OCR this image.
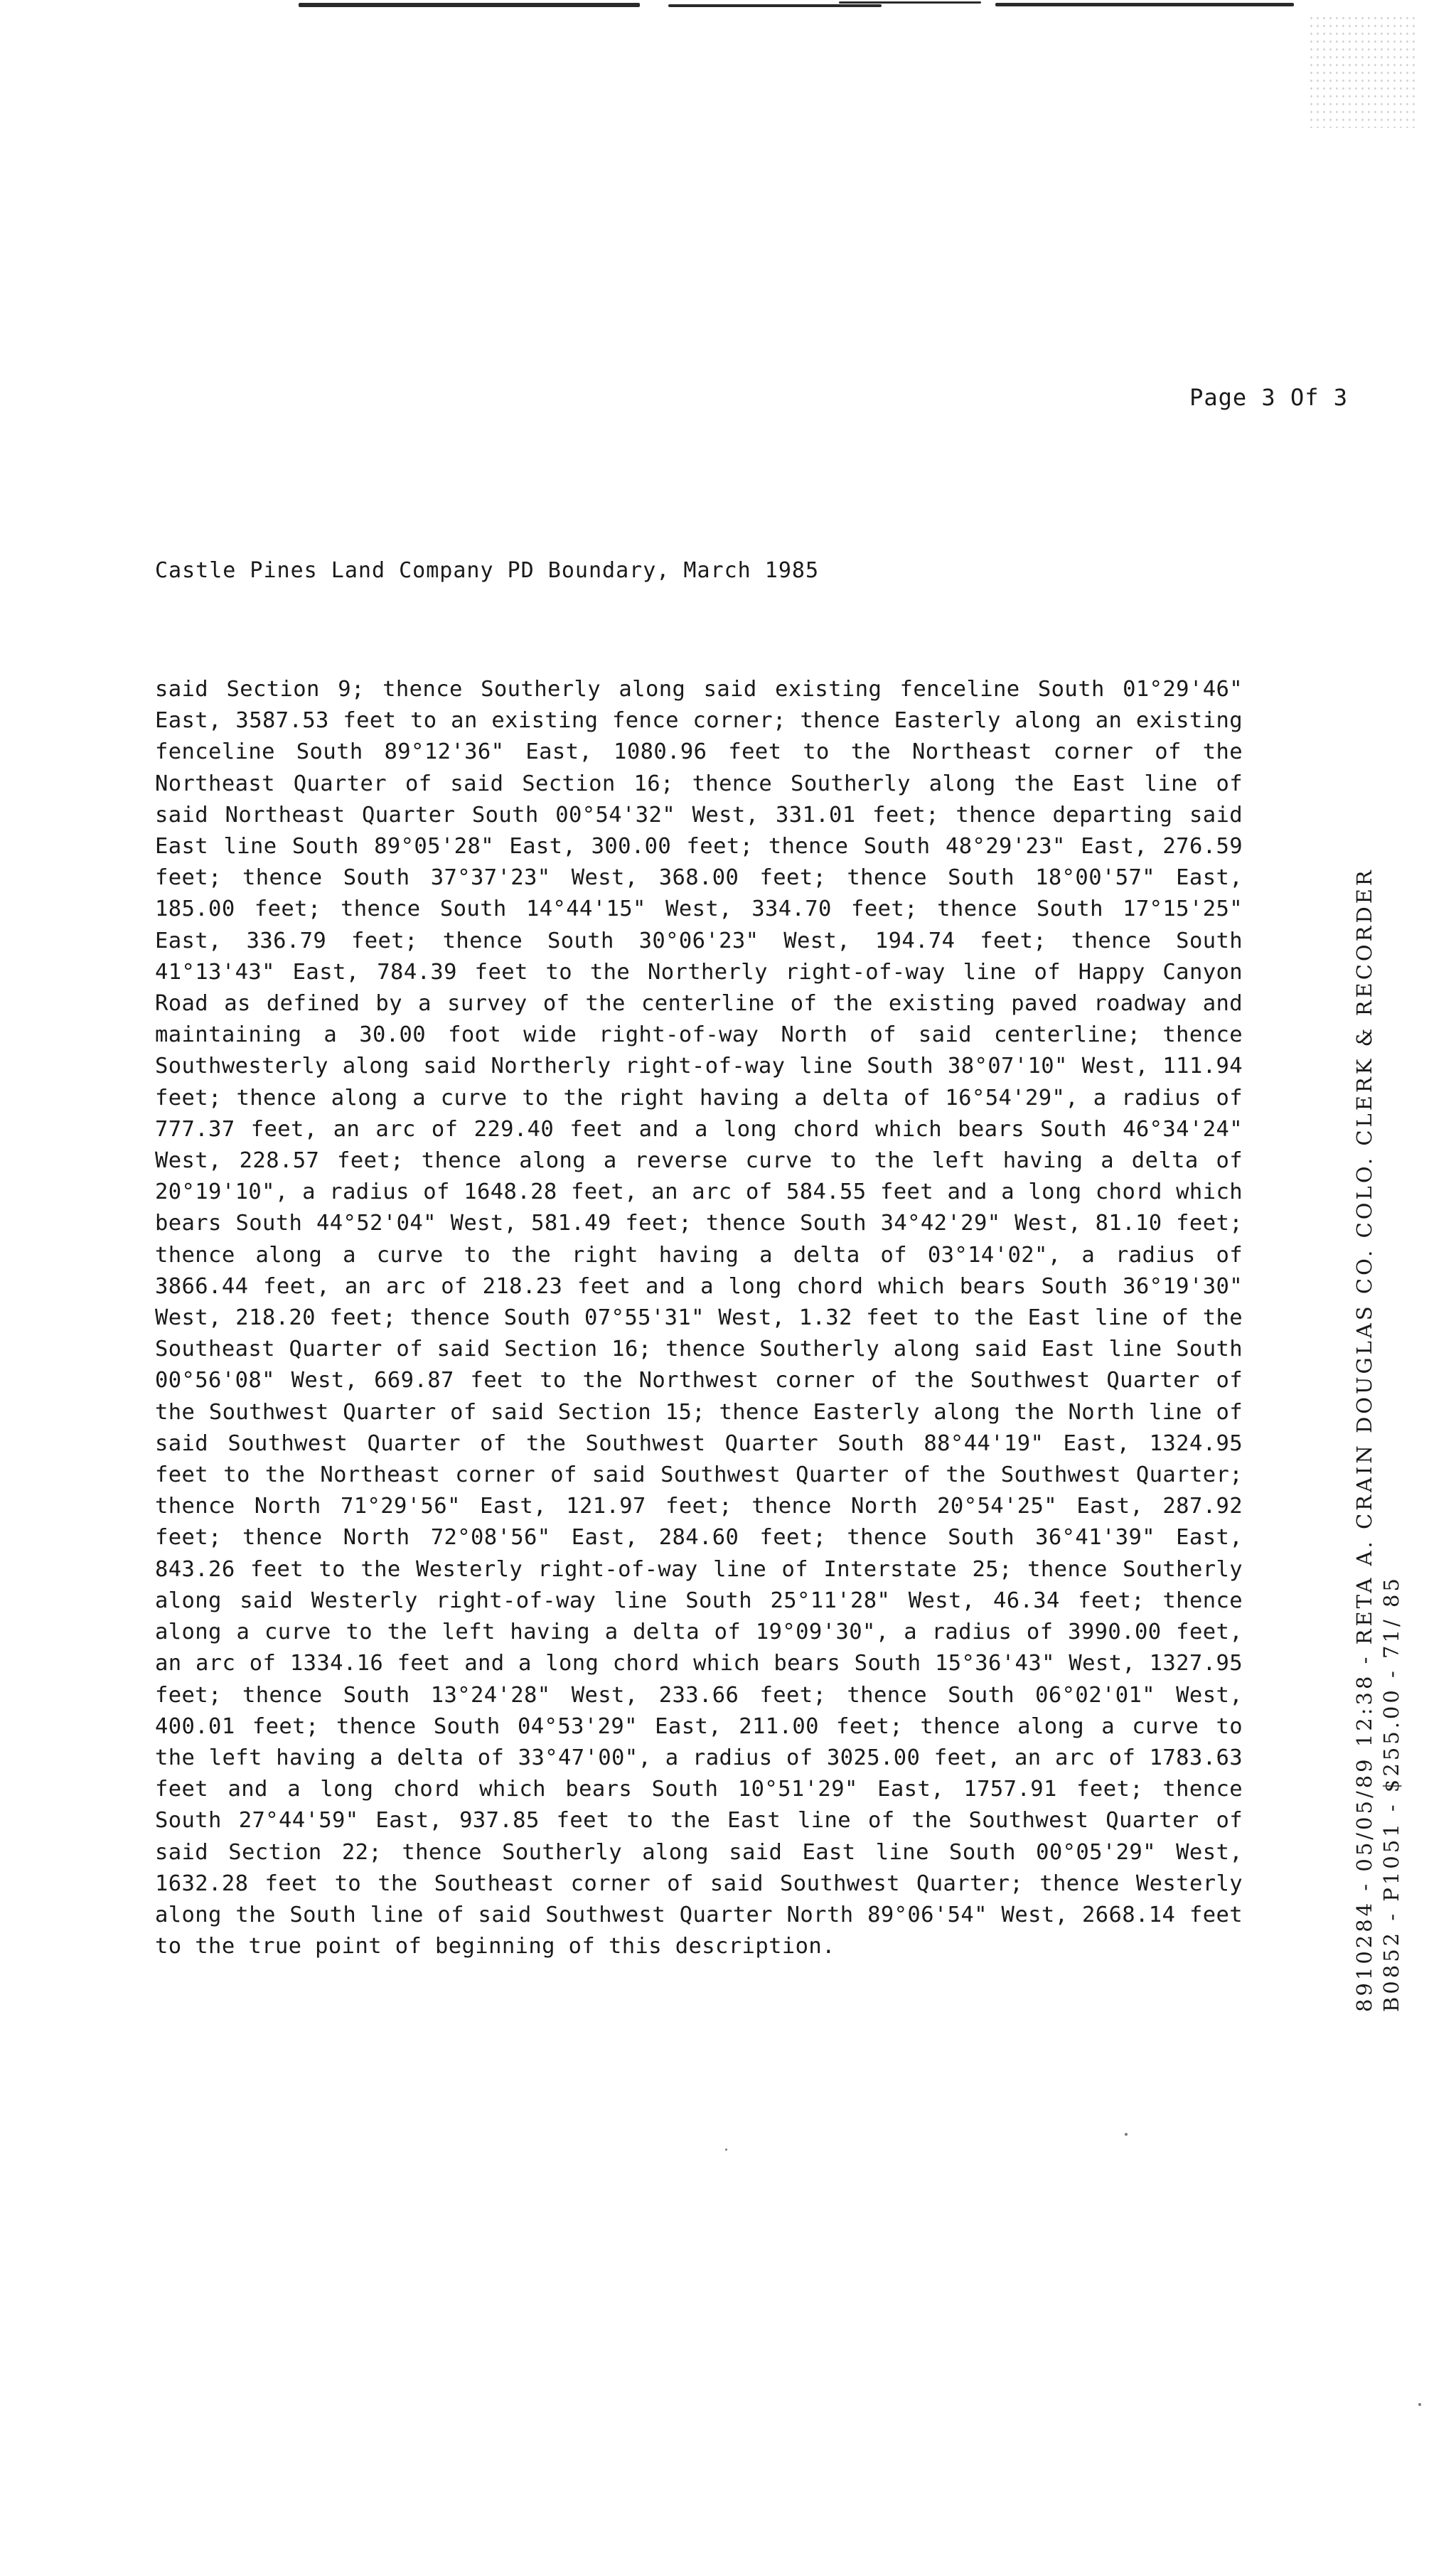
Page 3 Of 3
Castle Pines Land Company PD Boundary, March 1985

said Section 9; thence Southerly along said existing fenceline South 01°29'46" East, 3587.53 feet to an existing fence corner; thence Easterly along an existing fenceline South 89°12'36" East, 1080.96 feet to the Northeast corner of the Northeast Quarter of said Section 16; thence Southerly along the East line of said Northeast Quarter South 00°54'32" West, 331.01 feet; thence departing said East line South 89°05'28" East, 300.00 feet; thence South 48°29'23" East, 276.59 feet; thence South 37°37'23" West, 368.00 feet; thence South 18°00'57" East, 185.00 feet; thence South 14°44'15" West, 334.70 feet; thence South 17°15'25" East, 336.79 feet; thence South 30°06'23" West, 194.74 feet; thence South 41°13'43" East, 784.39 feet to the Northerly right-of-way line of Happy Canyon Road as defined by a survey of the centerline of the existing paved roadway and maintaining a 30.00 foot wide right-of-way North of said centerline; thence Southwesterly along said Northerly right-of-way line South 38°07'10" West, 111.94 feet; thence along a curve to the right having a delta of 16°54'29", a radius of 777.37 feet, an arc of 229.40 feet and a long chord which bears South 46°34'24" West, 228.57 feet; thence along a reverse curve to the left having a delta of 20°19'10", a radius of 1648.28 feet, an arc of 584.55 feet and a long chord which bears South 44°52'04" West, 581.49 feet; thence South 34°42'29" West, 81.10 feet; thence along a curve to the right having a delta of 03°14'02", a radius of 3866.44 feet, an arc of 218.23 feet and a long chord which bears South 36°19'30" West, 218.20 feet; thence South 07°55'31" West, 1.32 feet to the East line of the Southeast Quarter of said Section 16; thence Southerly along said East line South 00°56'08" West, 669.87 feet to the Northwest corner of the Southwest Quarter of the Southwest Quarter of said Section 15; thence Easterly along the North line of said Southwest Quarter of the Southwest Quarter South 88°44'19" East, 1324.95 feet to the Northeast corner of said Southwest Quarter of the Southwest Quarter; thence North 71°29'56" East, 121.97 feet; thence North 20°54'25" East, 287.92 feet; thence North 72°08'56" East, 284.60 feet; thence South 36°41'39" East, 843.26 feet to the Westerly right-of-way line of Interstate 25; thence Southerly along said Westerly right-of-way line South 25°11'28" West, 46.34 feet; thence along a curve to the left having a delta of 19°09'30", a radius of 3990.00 feet, an arc of 1334.16 feet and a long chord which bears South 15°36'43" West, 1327.95 feet; thence South 13°24'28" West, 233.66 feet; thence South 06°02'01" West, 400.01 feet; thence South 04°53'29" East, 211.00 feet; thence along a curve to the left having a delta of 33°47'00", a radius of 3025.00 feet, an arc of 1783.63 feet and a long chord which bears South 10°51'29" East, 1757.91 feet; thence South 27°44'59" East, 937.85 feet to the East line of the Southwest Quarter of said Section 22; thence Southerly along said East line South 00°05'29" West, 1632.28 feet to the Southeast corner of said Southwest Quarter; thence Westerly along the South line of said Southwest Quarter North 89°06'54" West, 2668.14 feet to the true point of beginning of this description.	8910284 - 05/05/89 12:38 - RETA A. CRAIN DOUGLAS CO. COLO. CLERK & RECORDER B0852 - P1051 - $255.00 - 71/ 85
